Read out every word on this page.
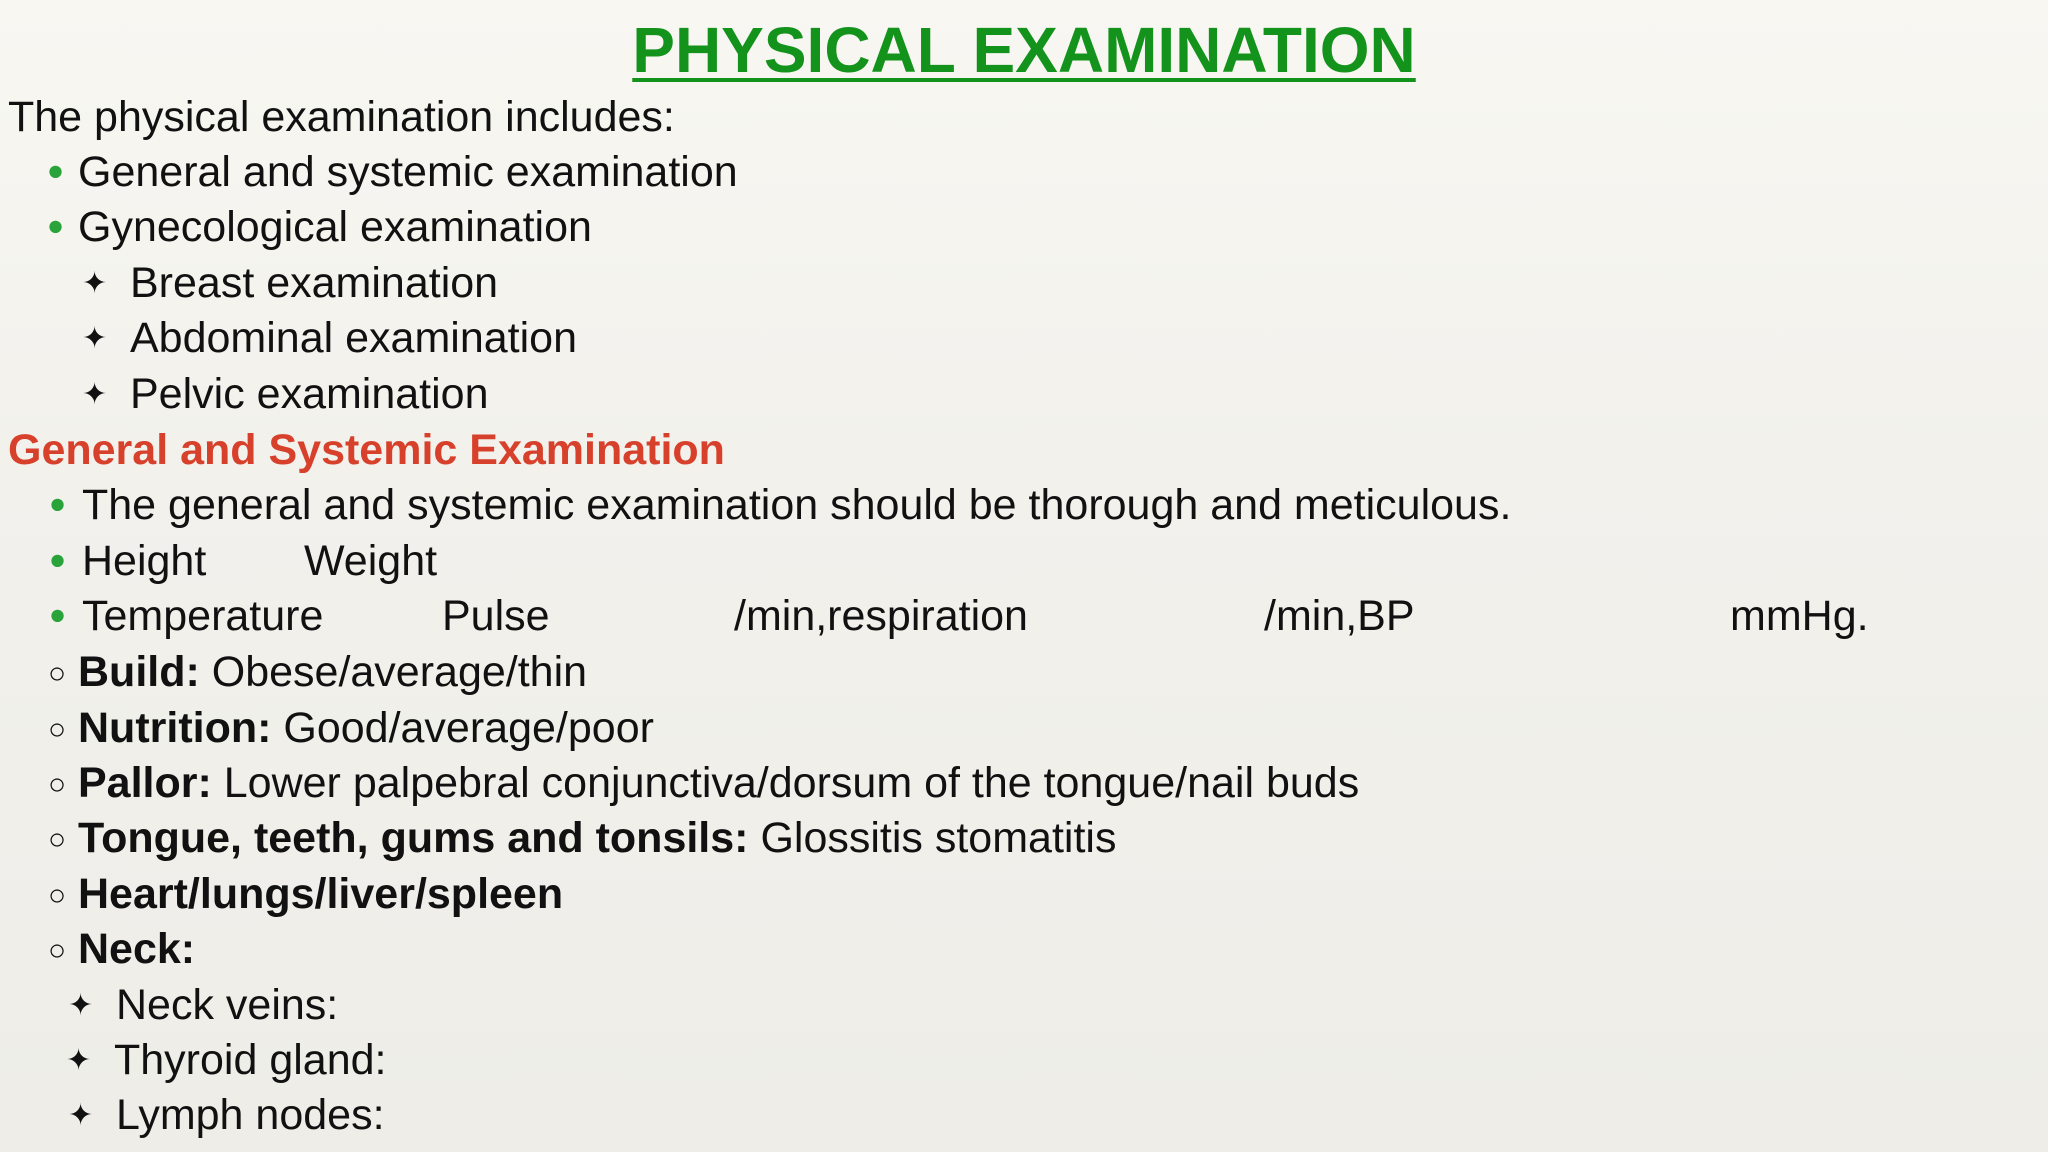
PHYSICAL EXAMINATION
The physical examination includes:
• General and systemic examination
• Gynecological examination
✦ Breast examination
✦ Abdominal examination
✦ Pelvic examination
General and Systemic Examination
• The general and systemic examination should be thorough and meticulous.
• Height Weight
• Temperature	Pulse	/min,respiration	/min,BP	mmHg.
○ Build: Obese/average/thin
○ Nutrition: Good/average/poor
○ Pallor: Lower palpebral conjunctiva/dorsum of the tongue/nail buds
○ Tongue, teeth, gums and tonsils: Glossitis stomatitis
○ Heart/lungs/liver/spleen
○ Neck:
✦ Neck veins:
✦ Thyroid gland:
✦ Lymph nodes:
